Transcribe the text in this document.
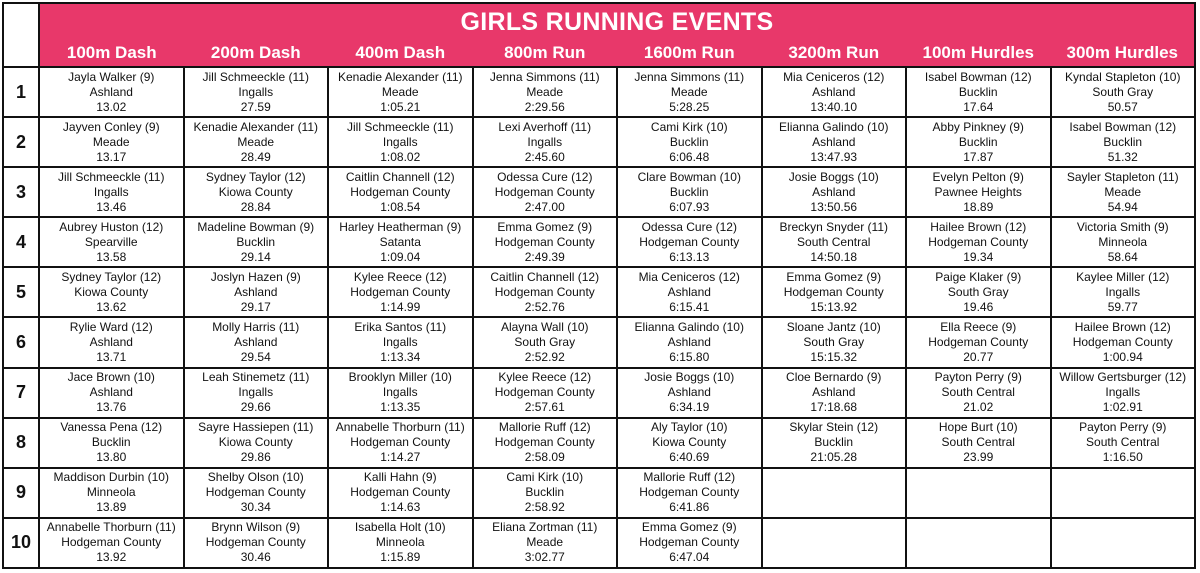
	GIRLS RUNNING EVENTS							
	100m Dash	200m Dash	400m Dash	800m Run	1600m Run	3200m Run	100m Hurdles	300m Hurdles
1	Jayla Walker (9)
Ashland
13.02	Jill Schmeeckle (11)
Ingalls
27.59	Kenadie Alexander (11)
Meade
1:05.21	Jenna Simmons (11)
Meade
2:29.56	Jenna Simmons (11)
Meade
5:28.25	Mia Ceniceros (12)
Ashland
13:40.10	Isabel Bowman (12)
Bucklin
17.64	Kyndal Stapleton (10)
South Gray
50.57

2	Jayven Conley (9)
Meade
13.17	Kenadie Alexander (11)
Meade
28.49	Jill Schmeeckle (11)
Ingalls
1:08.02	Lexi Averhoff (11)
Ingalls
2:45.60	Cami Kirk (10)
Bucklin
6:06.48	Elianna Galindo (10)
Ashland
13:47.93	Abby Pinkney (9)
Bucklin
17.87	Isabel Bowman (12)
Bucklin
51.32

3	Jill Schmeeckle (11)
Ingalls
13.46	Sydney Taylor (12)
Kiowa County
28.84	Caitlin Channell (12)
Hodgeman County
1:08.54	Odessa Cure (12)
Hodgeman County
2:47.00	Clare Bowman (10)
Bucklin
6:07.93	Josie Boggs (10)
Ashland
13:50.56	Evelyn Pelton (9)
Pawnee Heights
18.89	Sayler Stapleton (11)
Meade
54.94

4	Aubrey Huston (12)
Spearville
13.58	Madeline Bowman (9)
Bucklin
29.14	Harley Heatherman (9)
Satanta
1:09.04	Emma Gomez (9)
Hodgeman County
2:49.39	Odessa Cure (12)
Hodgeman County
6:13.13	Breckyn Snyder (11)
South Central
14:50.18	Hailee Brown (12)
Hodgeman County
19.34	Victoria Smith (9)
Minneola
58.64

5	Sydney Taylor (12)
Kiowa County
13.62	Joslyn Hazen (9)
Ashland
29.17	Kylee Reece (12)
Hodgeman County
1:14.99	Caitlin Channell (12)
Hodgeman County
2:52.76	Mia Ceniceros (12)
Ashland
6:15.41	Emma Gomez (9)
Hodgeman County
15:13.92	Paige Klaker (9)
South Gray
19.46	Kaylee Miller (12)
Ingalls
59.77

6	Rylie Ward (12)
Ashland
13.71	Molly Harris (11)
Ashland
29.54	Erika Santos (11)
Ingalls
1:13.34	Alayna Wall (10)
South Gray
2:52.92	Elianna Galindo (10)
Ashland
6:15.80	Sloane Jantz (10)
South Gray
15:15.32	Ella Reece (9)
Hodgeman County
20.77	Hailee Brown (12)
Hodgeman County
1:00.94

7	Jace Brown (10)
Ashland
13.76	Leah Stinemetz (11)
Ingalls
29.66	Brooklyn Miller (10)
Ingalls
1:13.35	Kylee Reece (12)
Hodgeman County
2:57.61	Josie Boggs (10)
Ashland
6:34.19	Cloe Bernardo (9)
Ashland
17:18.68	Payton Perry (9)
South Central
21.02	Willow Gertsburger (12)
Ingalls
1:02.91

8	Vanessa Pena (12)
Bucklin
13.80	Sayre Hassiepen (11)
Kiowa County
29.86	Annabelle Thorburn (11)
Hodgeman County
1:14.27	Mallorie Ruff (12)
Hodgeman County
2:58.09	Aly Taylor (10)
Kiowa County
6:40.69	Skylar Stein (12)
Bucklin
21:05.28	Hope Burt (10)
South Central
23.99	Payton Perry (9)
South Central
1:16.50

9	Maddison Durbin (10)
Minneola
13.89	Shelby Olson (10)
Hodgeman County
30.34	Kalli Hahn (9)
Hodgeman County
1:14.63	Cami Kirk (10)
Bucklin
2:58.92	Mallorie Ruff (12)
Hodgeman County
6:41.86			

10	Annabelle Thorburn (11)
Hodgeman County
13.92	Brynn Wilson (9)
Hodgeman County
30.46	Isabella Holt (10)
Minneola
1:15.89	Eliana Zortman (11)
Meade
3:02.77	Emma Gomez (9)
Hodgeman County
6:47.04			
